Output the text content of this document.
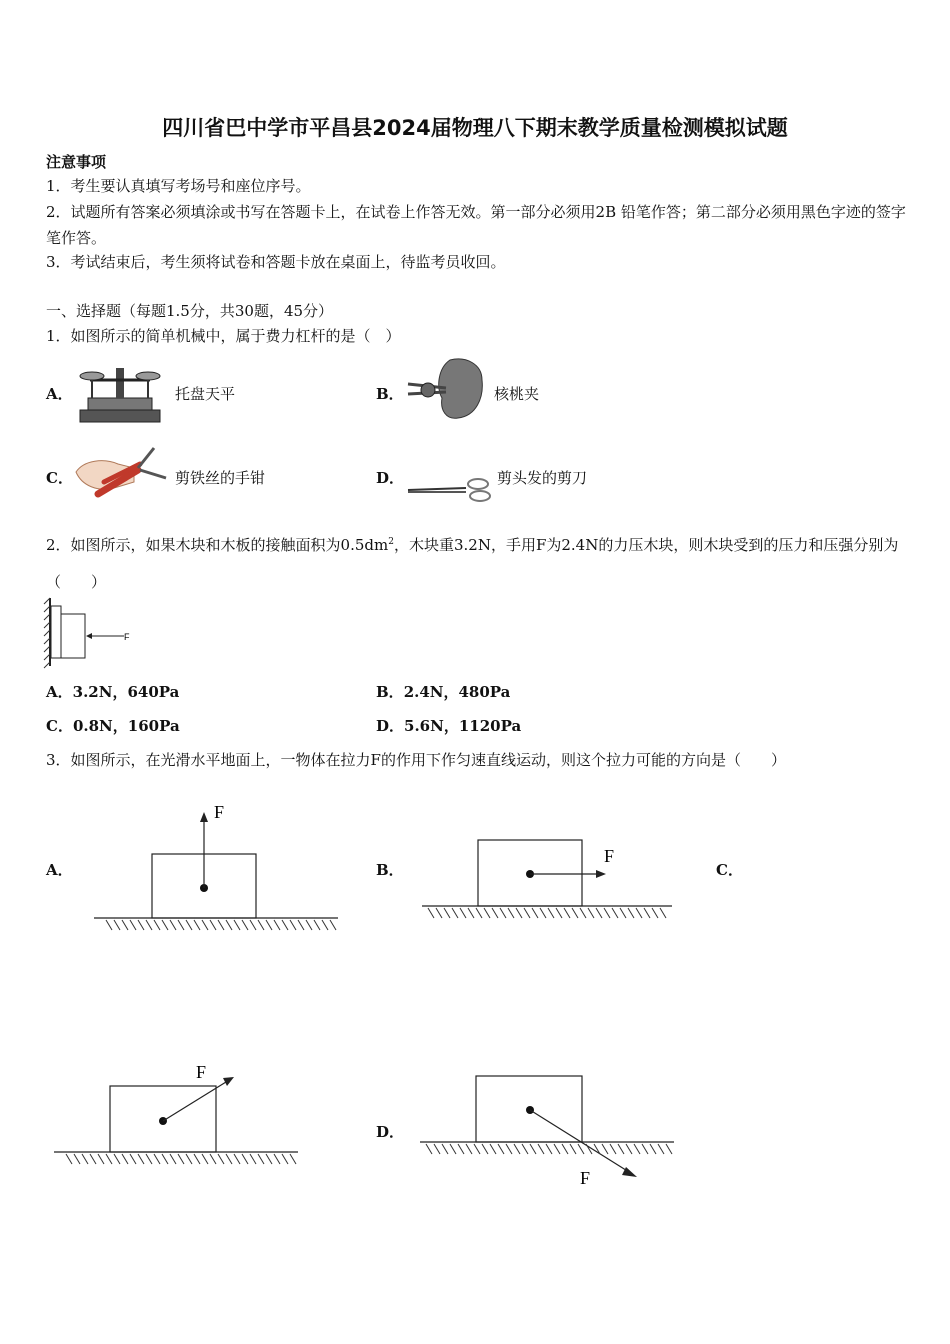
四川省巴中学市平昌县2024届物理八下期末教学质量检测模拟试题
注意事项
1．考生要认真填写考场号和座位序号。
2．试题所有答案必须填涂或书写在答题卡上，在试卷上作答无效。第一部分必须用2B 铅笔作答；第二部分必须用黑色字迹的签字笔作答。
3．考试结束后，考生须将试卷和答题卡放在桌面上，待监考员收回。
一、选择题（每题1.5分，共30题，45分）
1．如图所示的简单机械中，属于费力杠杆的是（　）
A．	托盘天平	B．	核桃夹
C．	剪铁丝的手钳	D．	剪头发的剪刀
2．如图所示，如果木块和木板的接触面积为$0.5dm^2$，木块重3.2N，手用F为2.4N的力压木块，则木块受到的压力和压强分别为（　　）
F
A．3.2N，640Pa	B．2.4N，480Pa
C．0.8N，160Pa	D．5.6N，1120Pa
3．如图所示，在光滑水平地面上，一物体在拉力F的作用下作匀速直线运动，则这个拉力可能的方向是（　　）
A．
F
B．
F
C．
F
D．
F
